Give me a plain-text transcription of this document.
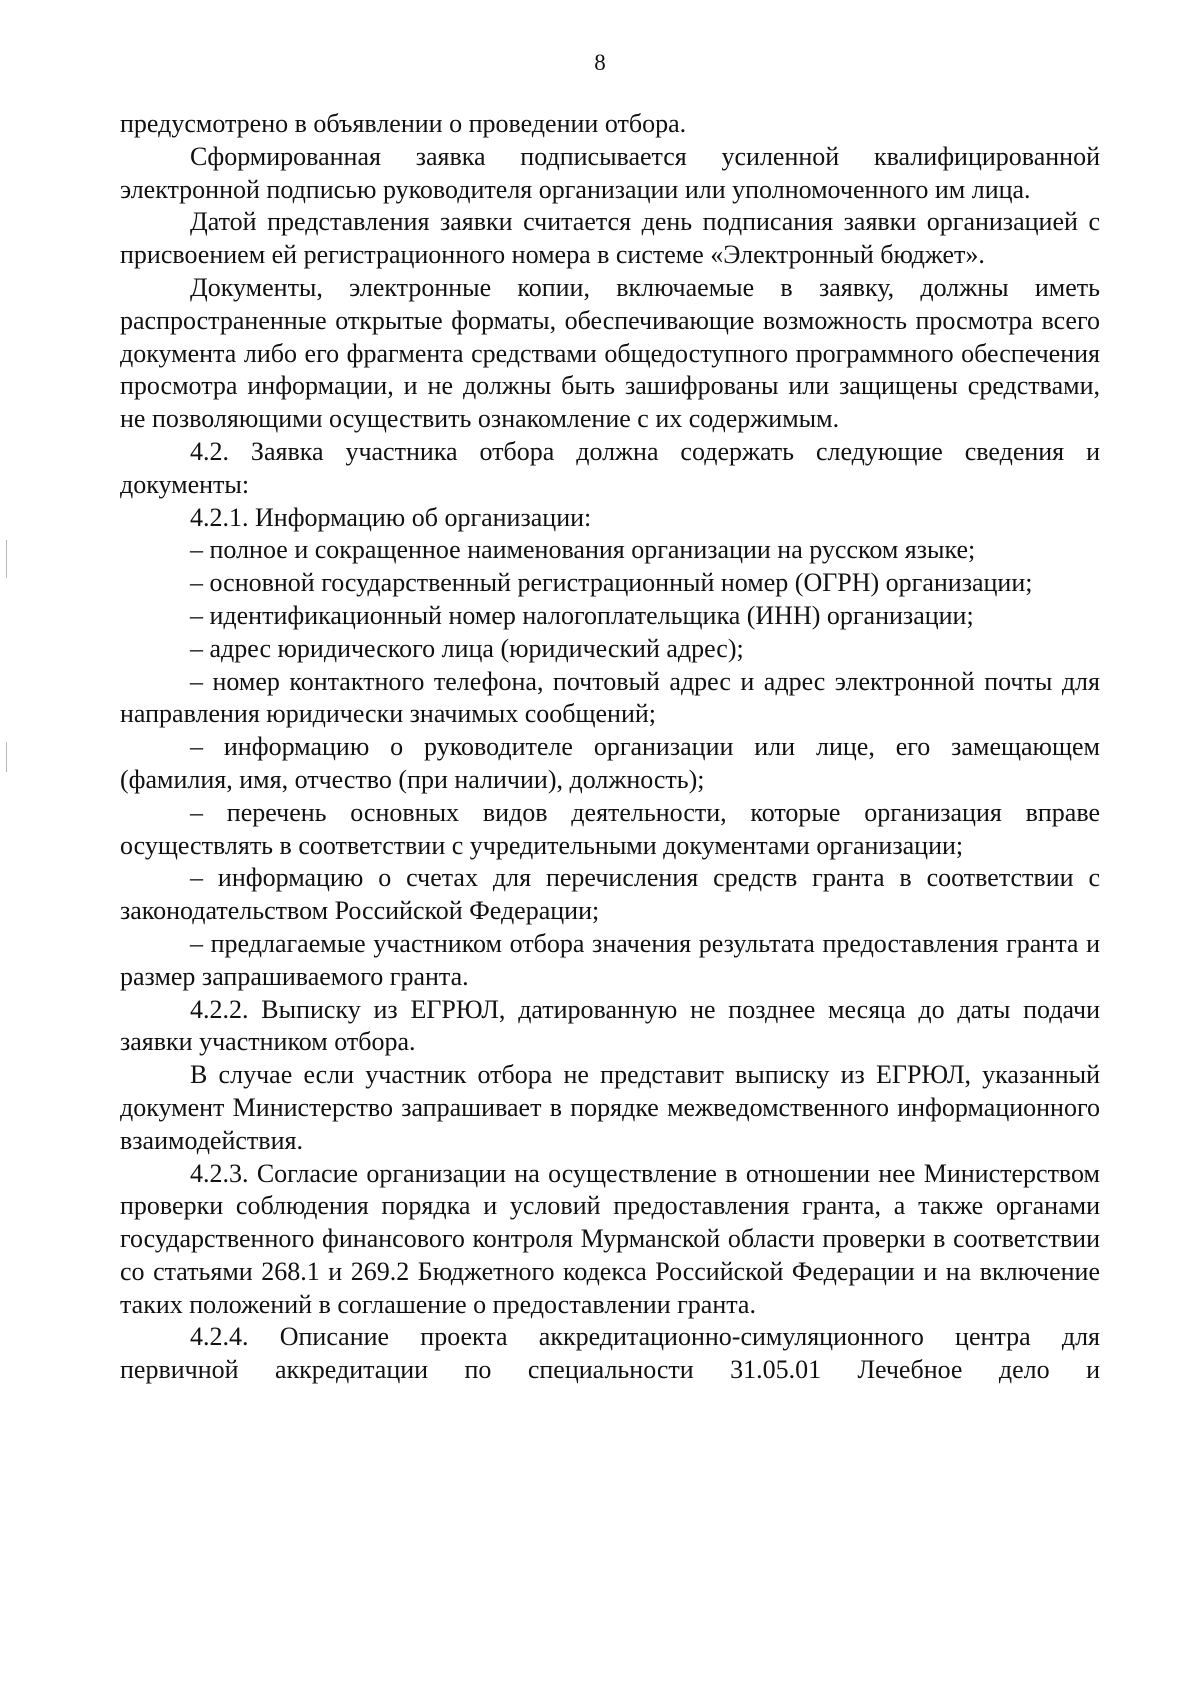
8

предусмотрено в объявлении о проведении отбора.

Сформированная заявка подписывается усиленной квалифицированной электронной подписью руководителя организации или уполномоченного им лица.

Датой представления заявки считается день подписания заявки организацией с присвоением ей регистрационного номера в системе «Электронный бюджет».

Документы, электронные копии, включаемые в заявку, должны иметь распространенные открытые форматы, обеспечивающие возможность просмотра всего документа либо его фрагмента средствами общедоступного программного обеспечения просмотра информации, и не должны быть зашифрованы или защищены средствами, не позволяющими осуществить ознакомление с их содержимым.

4.2. Заявка участника отбора должна содержать следующие сведения и документы:

4.2.1. Информацию об организации:

– полное и сокращенное наименования организации на русском языке;

– основной государственный регистрационный номер (ОГРН) организации;

– идентификационный номер налогоплательщика (ИНН) организации;

– адрес юридического лица (юридический адрес);

– номер контактного телефона, почтовый адрес и адрес электронной почты для направления юридически значимых сообщений;

– информацию о руководителе организации или лице, его замещающем (фамилия, имя, отчество (при наличии), должность);

– перечень основных видов деятельности, которые организация вправе осуществлять в соответствии с учредительными документами организации;

– информацию о счетах для перечисления средств гранта в соответствии с законодательством Российской Федерации;

– предлагаемые участником отбора значения результата предоставления гранта и размер запрашиваемого гранта.

4.2.2. Выписку из ЕГРЮЛ, датированную не позднее месяца до даты подачи заявки участником отбора.

В случае если участник отбора не представит выписку из ЕГРЮЛ, указанный документ Министерство запрашивает в порядке межведомственного информационного взаимодействия.

4.2.3. Согласие организации на осуществление в отношении нее Министерством проверки соблюдения порядка и условий предоставления гранта, а также органами государственного финансового контроля Мурманской области проверки в соответствии со статьями 268.1 и 269.2 Бюджетного кодекса Российской Федерации и на включение таких положений в соглашение о предоставлении гранта.

4.2.4. Описание проекта аккредитационно-симуляционного центра для первичной аккредитации по специальности 31.05.01 Лечебное дело и
